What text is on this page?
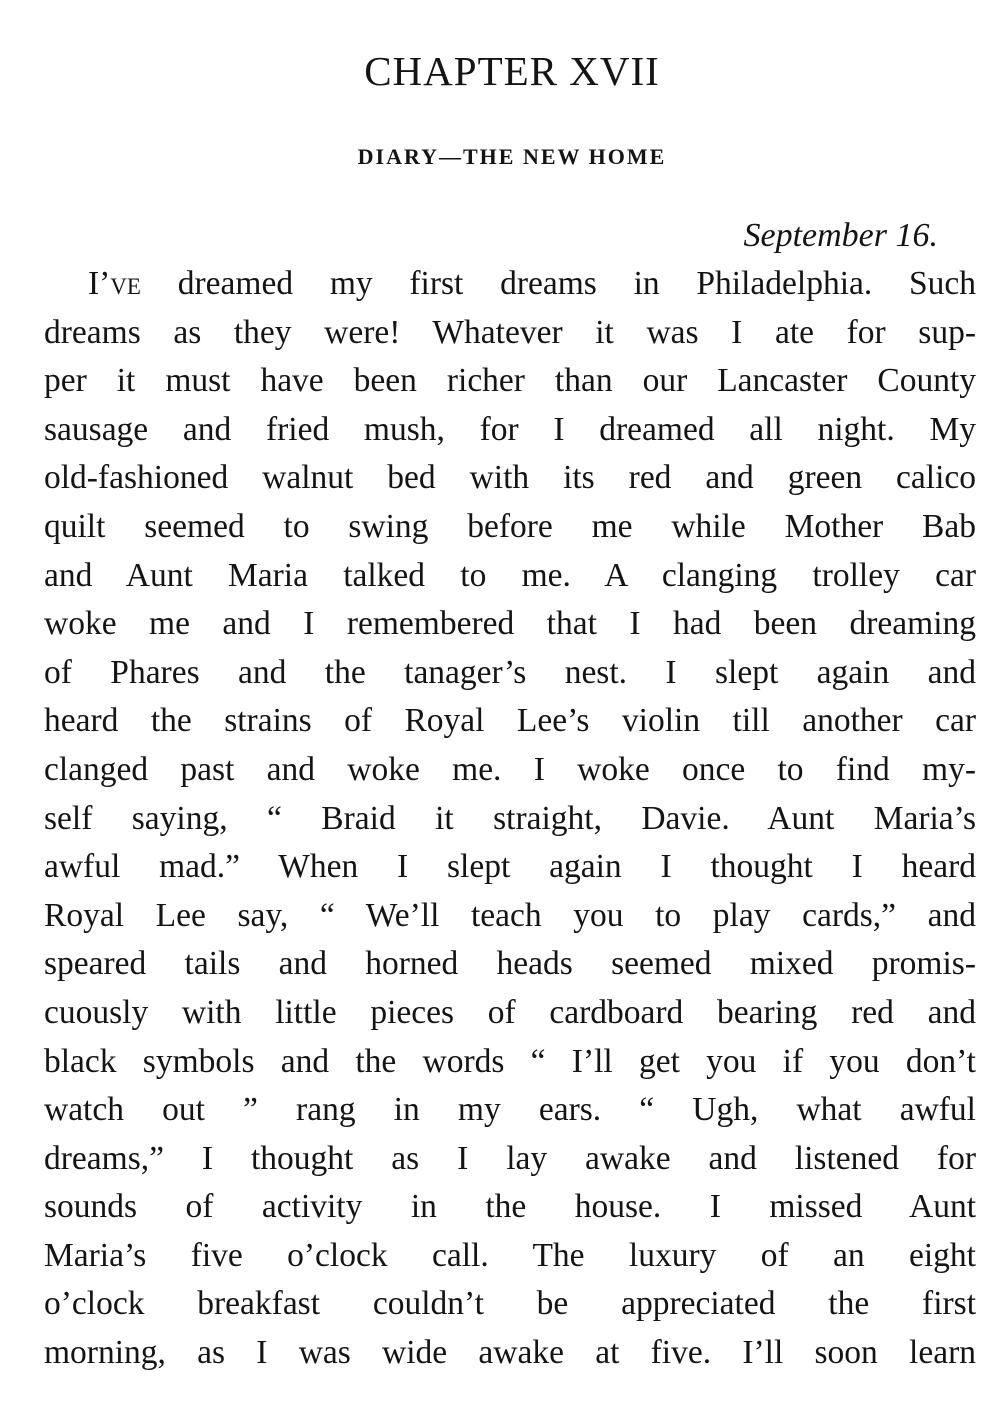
CHAPTER XVII
DIARY—THE NEW HOME
September 16.
I’ve dreamed my first dreams in Philadelphia. Such
dreams as they were! Whatever it was I ate for sup-
per it must have been richer than our Lancaster County
sausage and fried mush, for I dreamed all night. My
old-fashioned walnut bed with its red and green calico
quilt seemed to swing before me while Mother Bab
and Aunt Maria talked to me. A clanging trolley car
woke me and I remembered that I had been dreaming
of Phares and the tanager’s nest. I slept again and
heard the strains of Royal Lee’s violin till another car
clanged past and woke me. I woke once to find my-
self saying, “ Braid it straight, Davie. Aunt Maria’s
awful mad.” When I slept again I thought I heard
Royal Lee say, “ We’ll teach you to play cards,” and
speared tails and horned heads seemed mixed promis-
cuously with little pieces of cardboard bearing red and
black symbols and the words “ I’ll get you if you don’t
watch out ” rang in my ears. “ Ugh, what awful
dreams,” I thought as I lay awake and listened for
sounds of activity in the house. I missed Aunt
Maria’s five o’clock call. The luxury of an eight
o’clock breakfast couldn’t be appreciated the first
morning, as I was wide awake at five. I’ll soon learn
